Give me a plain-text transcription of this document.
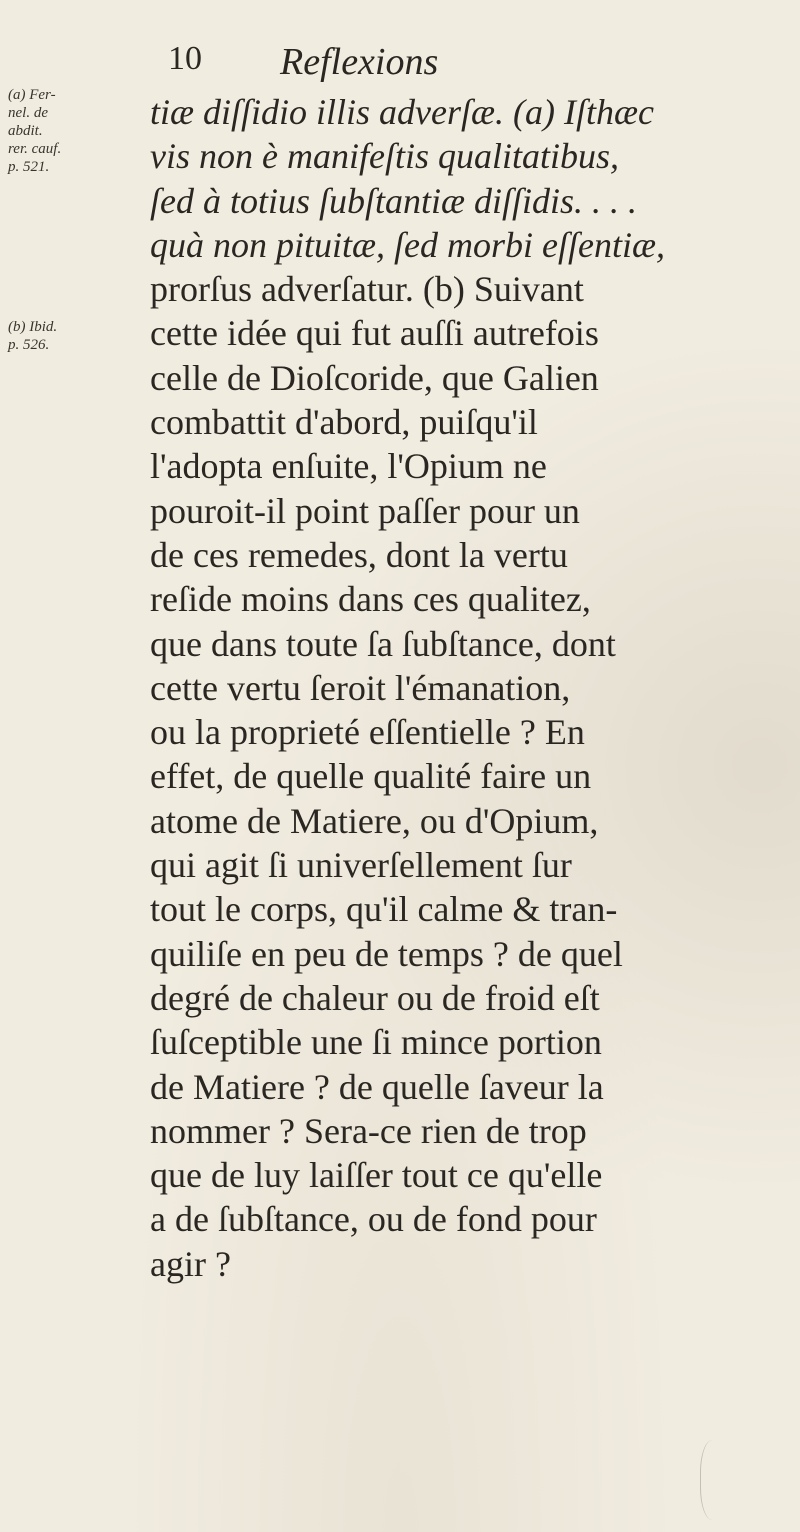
10 Reflexions
(a) Fer-
nel. de
abdit.
rer. cauf.
p. 521.
(b) Ibid.
p. 526.
tiæ diſſidio illis adverſæ. (a) Iſthæc
vis non è manifeſtis qualitatibus,
ſed à totius ſubſtantiæ diſſidis. . . .
quà non pituitæ, ſed morbi eſſentiæ,
prorſus adverſatur. (b) Suivant
cette idée qui fut auſſi autrefois
celle de Dioſcoride, que Galien
combattit d'abord, puiſqu'il
l'adopta enſuite, l'Opium ne
pouroit-il point paſſer pour un
de ces remedes, dont la vertu
reſide moins dans ces qualitez,
que dans toute ſa ſubſtance, dont
cette vertu ſeroit l'émanation,
ou la proprieté eſſentielle ? En
effet, de quelle qualité faire un
atome de Matiere, ou d'Opium,
qui agit ſi univerſellement ſur
tout le corps, qu'il calme & tran-
quiliſe en peu de temps ? de quel
degré de chaleur ou de froid eſt
ſuſceptible une ſi mince portion
de Matiere ? de quelle ſaveur la
nommer ? Sera-ce rien de trop
que de luy laiſſer tout ce qu'elle
a de ſubſtance, ou de fond pour
agir ?
